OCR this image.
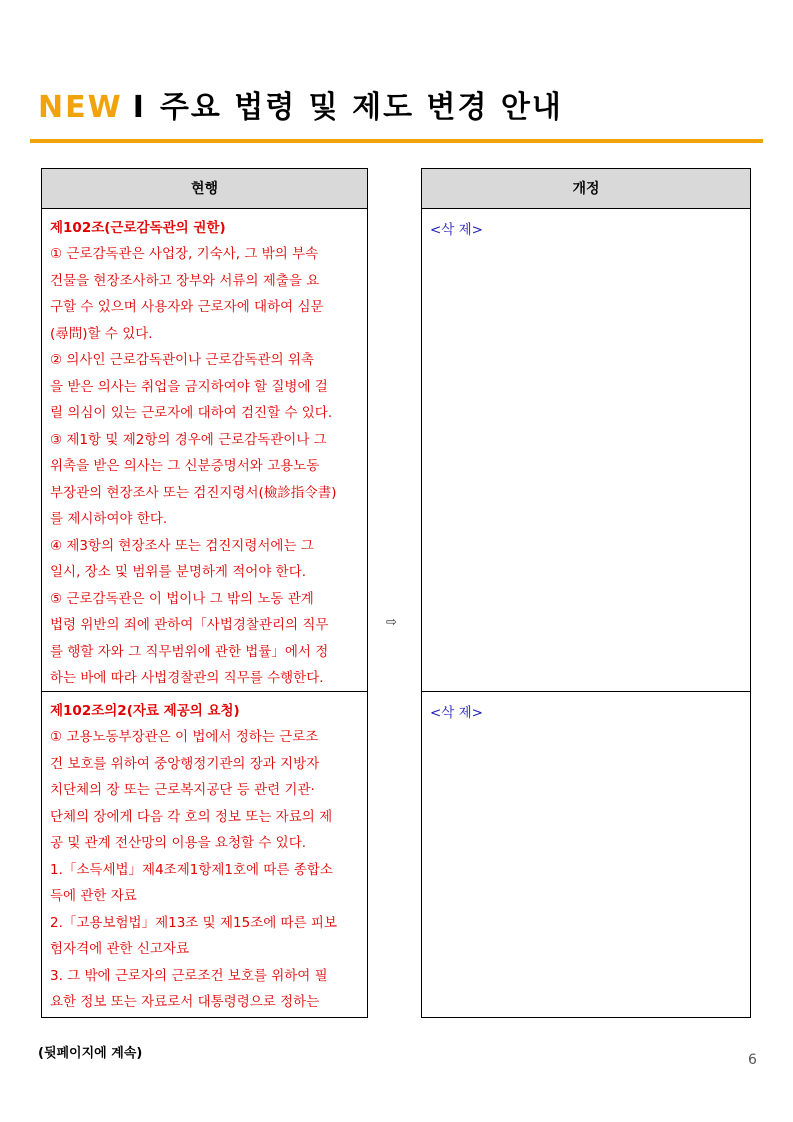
NEW I 주요 법령 및 제도 변경 안내
현행
제102조(근로감독관의 권한)
① 근로감독관은 사업장, 기숙사, 그 밖의 부속
건물을 현장조사하고 장부와 서류의 제출을 요
구할 수 있으며 사용자와 근로자에 대하여 심문
(尋問)할 수 있다.
② 의사인 근로감독관이나 근로감독관의 위촉
을 받은 의사는 취업을 금지하여야 할 질병에 걸
릴 의심이 있는 근로자에 대하여 검진할 수 있다.
③ 제1항 및 제2항의 경우에 근로감독관이나 그
위촉을 받은 의사는 그 신분증명서와 고용노동
부장관의 현장조사 또는 검진지령서(檢診指令書)
를 제시하여야 한다.
④ 제3항의 현장조사 또는 검진지령서에는 그
일시, 장소 및 범위를 분명하게 적어야 한다.
⑤ 근로감독관은 이 법이나 그 밖의 노동 관계
법령 위반의 죄에 관하여「사법경찰관리의 직무
를 행할 자와 그 직무범위에 관한 법률」에서 정
하는 바에 따라 사법경찰관의 직무를 수행한다.
제102조의2(자료 제공의 요청)
① 고용노동부장관은 이 법에서 정하는 근로조
건 보호를 위하여 중앙행정기관의 장과 지방자
치단체의 장 또는 근로복지공단 등 관련 기관·
단체의 장에게 다음 각 호의 정보 또는 자료의 제
공 및 관계 전산망의 이용을 요청할 수 있다.
1.「소득세법」제4조제1항제1호에 따른 종합소
득에 관한 자료
2.「고용보험법」제13조 및 제15조에 따른 피보
험자격에 관한 신고자료
3. 그 밖에 근로자의 근로조건 보호를 위하여 필
요한 정보 또는 자료로서 대통령령으로 정하는
⇨
개정
<삭 제>
<삭 제>
(뒷페이지에 계속)	6
